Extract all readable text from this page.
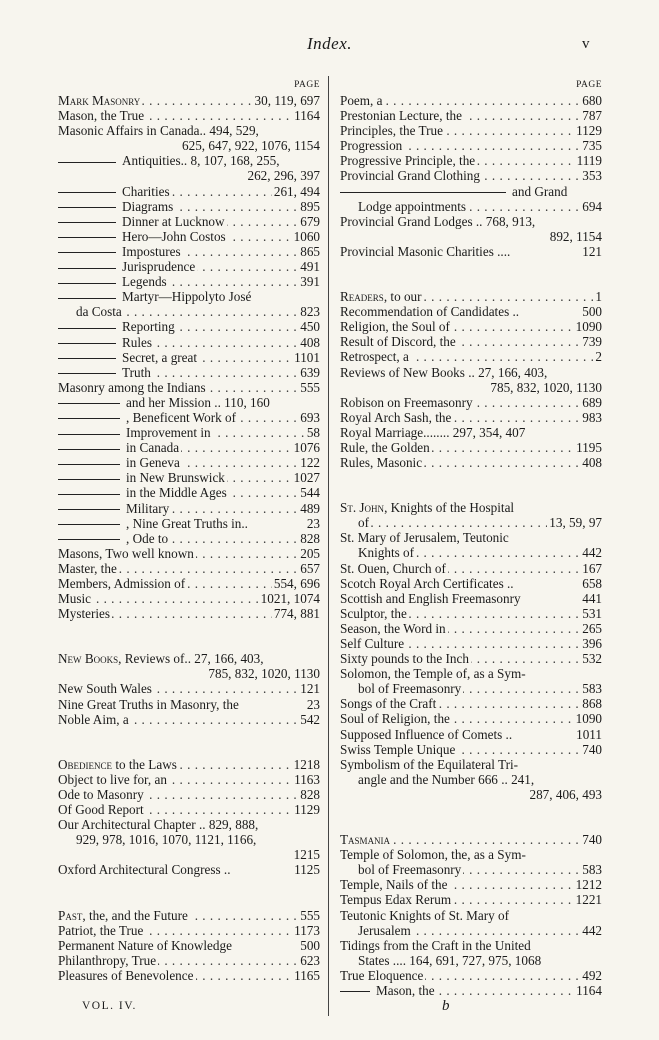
Index.	v
PAGE
. . . Mark Masonry	30, 119, 697
. . . Mason, the True	1164
Masonic Affairs in Canada.. 494, 529,
625, 647, 922, 1076, 1154
Antiquities.. 8, 107, 168, 255,
262, 296, 397
. . . Charities	261, 494
. . . Diagrams	895
. . . Dinner at Lucknow	679
. . . Hero—John Costos	1060
. . . Impostures	865
. . . Jurisprudence	491
. . . Legends	391
Martyr—Hippolyto José
. . . da Costa	823
. . . Reporting	450
. . . Rules	408
. . . Secret, a great	1101
. . . Truth	639
. . . Masonry among the Indians	555
and her Mission .. 110, 160
. . . , Beneficent Work of	693
. . . Improvement in	58
. . . in Canada	1076
. . . in Geneva	122
. . . in New Brunswick	1027
. . . in the Middle Ages	544
. . . Military	489
, Nine Great Truths in..	23
. . . , Ode to	828
. . . Masons, Two well known	205
. . . Master, the	657
. . . Members, Admission of	554, 696
. . . Music	1021, 1074
. . . Mysteries	774, 881
New Books, Reviews of.. 27, 166, 403,
785, 832, 1020, 1130
. . . New South Wales	121
Nine Great Truths in Masonry, the	23
. . . Noble Aim, a	542
. . . Obedience to the Laws	1218
. . . Object to live for, an	1163
. . . Ode to Masonry	828
. . . Of Good Report	1129
Our Architectural Chapter .. 829, 888,
929, 978, 1016, 1070, 1121, 1166,
1215
Oxford Architectural Congress ..	1125
. . . Past, the, and the Future	555
. . . Patriot, the True	1173
Permanent Nature of Knowledge	500
. . . Philanthropy, True	623
. . . Pleasures of Benevolence	1165
PAGE
. . . Poem, a	680
. . . Prestonian Lecture, the	787
. . . Principles, the True	1129
. . . Progression	735
. . . Progressive Principle, the	1119
. . . Provincial Grand Clothing	353
and Grand
. . . Lodge appointments	694
Provincial Grand Lodges .. 768, 913,
892, 1154
Provincial Masonic Charities ....	121
. . . Readers, to our	1
Recommendation of Candidates ..	500
. . . Religion, the Soul of	1090
. . . Result of Discord, the	739
. . . Retrospect, a	2
Reviews of New Books .. 27, 166, 403,
785, 832, 1020, 1130
. . . Robison on Freemasonry	689
. . . Royal Arch Sash, the	983
Royal Marriage........ 297, 354, 407
. . . Rule, the Golden	1195
. . . Rules, Masonic	408
St. John, Knights of the Hospital
. . . of	13, 59, 97
St. Mary of Jerusalem, Teutonic
. . . Knights of	442
. . . St. Ouen, Church of	167
Scotch Royal Arch Certificates ..	658
Scottish and English Freemasonry	441
. . . Sculptor, the	531
. . . Season, the Word in	265
. . . Self Culture	396
. . . Sixty pounds to the Inch	532
Solomon, the Temple of, as a Sym-
. . . bol of Freemasonry	583
. . . Songs of the Craft	868
. . . Soul of Religion, the	1090
Supposed Influence of Comets ..	1011
. . . Swiss Temple Unique	740
Symbolism of the Equilateral Tri-
angle and the Number 666 .. 241,
287, 406, 493
. . . Tasmania	740
Temple of Solomon, the, as a Sym-
. . . bol of Freemasonry	583
. . . Temple, Nails of the	1212
. . . Tempus Edax Rerum	1221
Teutonic Knights of St. Mary of
. . . Jerusalem	442
Tidings from the Craft in the United
States .... 164, 691, 727, 975, 1068
. . . True Eloquence	492
. . . Mason, the	1164
VOL. IV.	b
